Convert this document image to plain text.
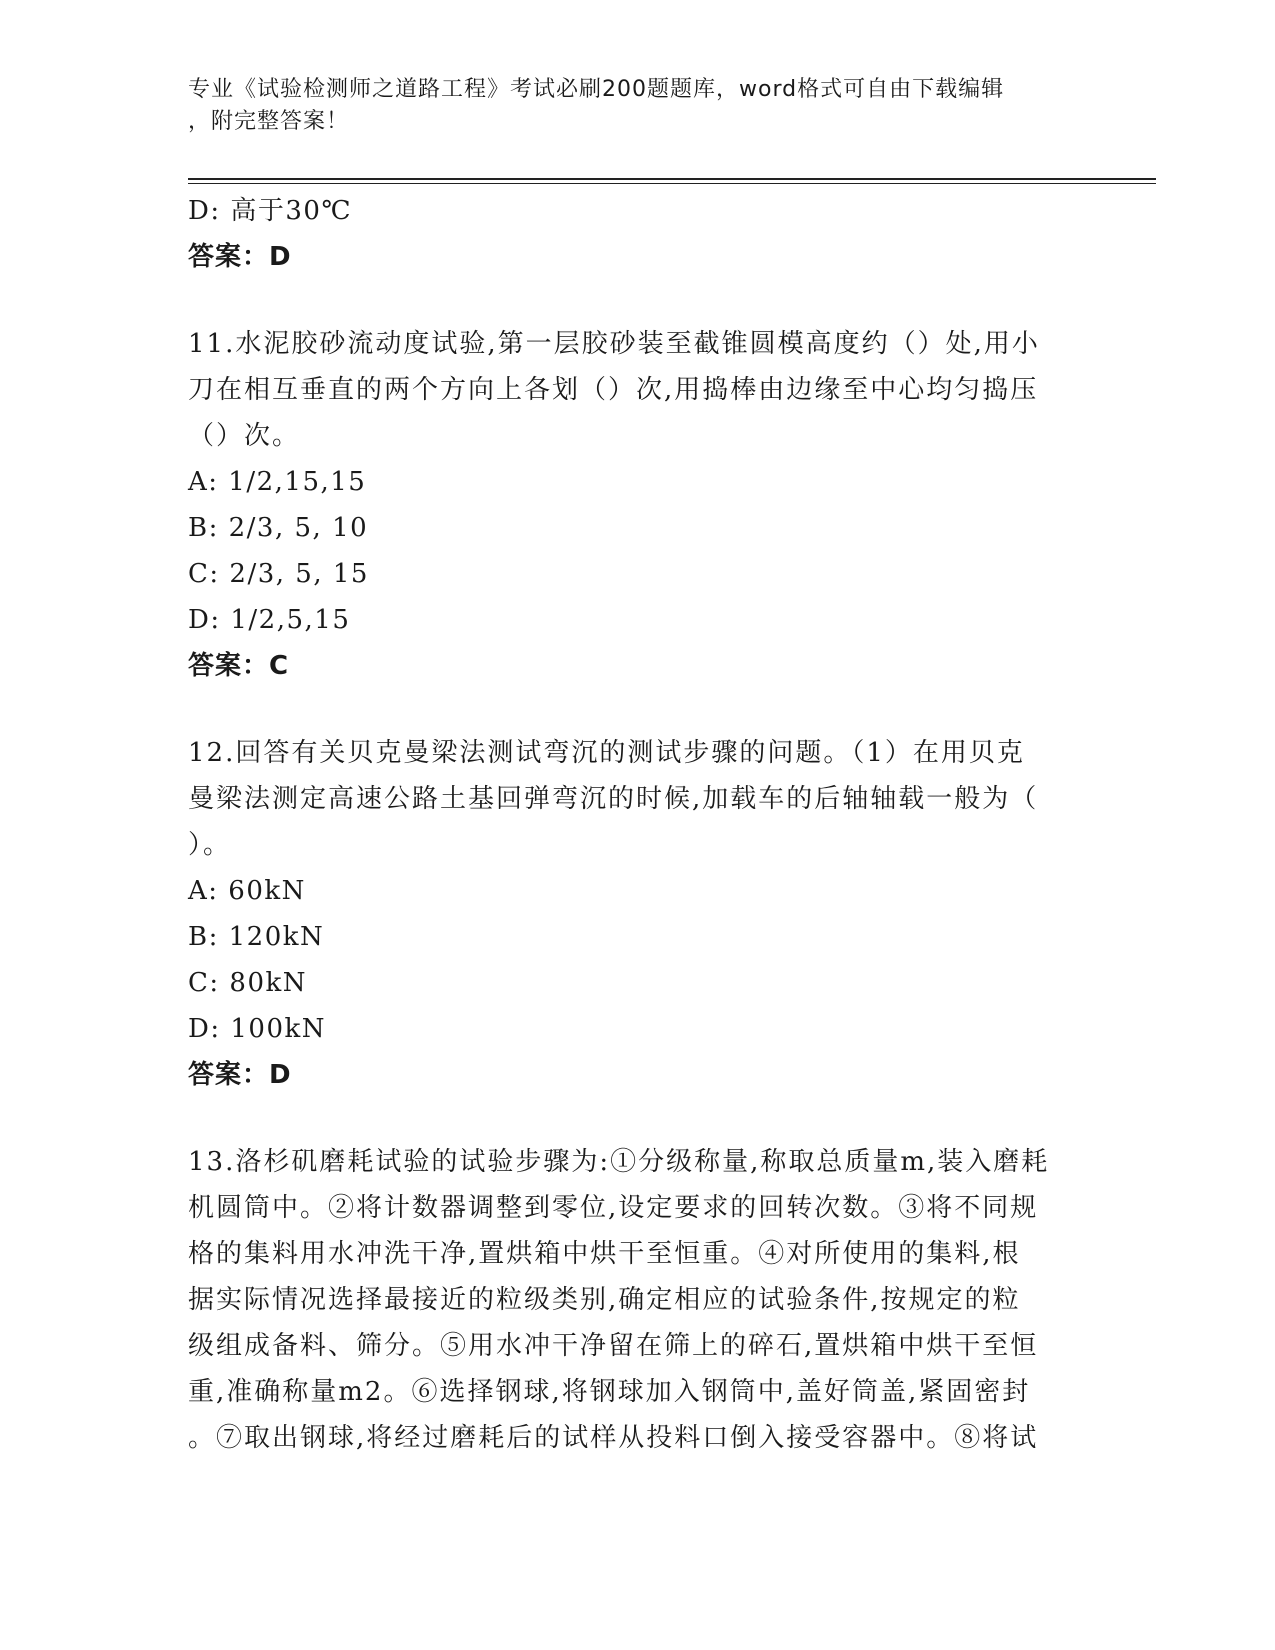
专业《试验检测师之道路工程》考试必刷200题题库，word格式可自由下载编辑
，附完整答案！
D: 高于30℃
答案：D
11.水泥胶砂流动度试验,第一层胶砂装至截锥圆模高度约（）处,用小
刀在相互垂直的两个方向上各划（）次,用捣棒由边缘至中心均匀捣压
（）次。
A: 1/2,15,15
B: 2/3, 5, 10
C: 2/3, 5, 15
D: 1/2,5,15
答案：C
12.回答有关贝克曼梁法测试弯沉的测试步骤的问题。（1）在用贝克
曼梁法测定高速公路土基回弹弯沉的时候,加载车的后轴轴载一般为（
）。
A: 60kN
B: 120kN
C: 80kN
D: 100kN
答案：D
13.洛杉矶磨耗试验的试验步骤为:①分级称量,称取总质量m,装入磨耗
机圆筒中。②将计数器调整到零位,设定要求的回转次数。③将不同规
格的集料用水冲洗干净,置烘箱中烘干至恒重。④对所使用的集料,根
据实际情况选择最接近的粒级类别,确定相应的试验条件,按规定的粒
级组成备料、筛分。⑤用水冲干净留在筛上的碎石,置烘箱中烘干至恒
重,准确称量m2。⑥选择钢球,将钢球加入钢筒中,盖好筒盖,紧固密封
。⑦取出钢球,将经过磨耗后的试样从投料口倒入接受容器中。⑧将试
